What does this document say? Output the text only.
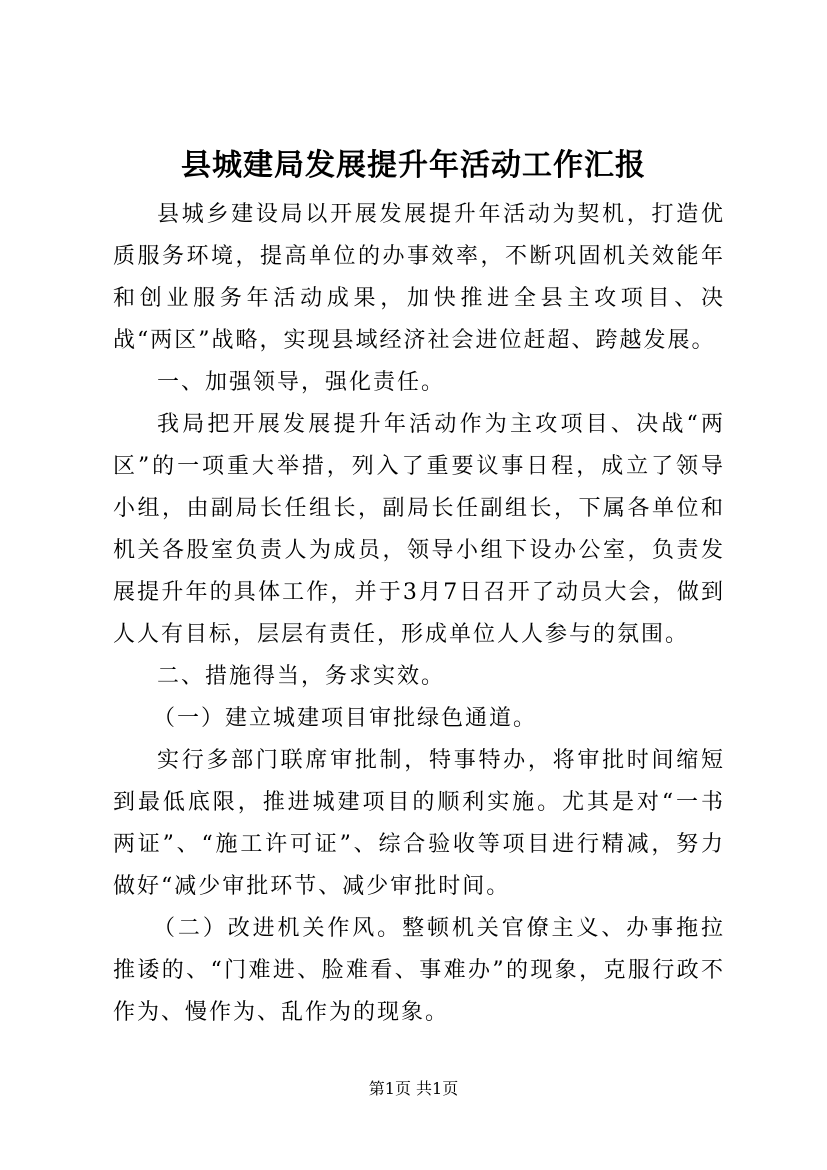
县城建局发展提升年活动工作汇报

县城乡建设局以开展发展提升年活动为契机，打造优质服务环境，提高单位的办事效率，不断巩固机关效能年和创业服务年活动成果，加快推进全县主攻项目、决战“两区”战略，实现县域经济社会进位赶超、跨越发展。

一、加强领导，强化责任。

我局把开展发展提升年活动作为主攻项目、决战“两区”的一项重大举措，列入了重要议事日程，成立了领导小组，由副局长任组长，副局长任副组长，下属各单位和机关各股室负责人为成员，领导小组下设办公室，负责发展提升年的具体工作，并于3月7日召开了动员大会，做到人人有目标，层层有责任，形成单位人人参与的氛围。

二、措施得当，务求实效。

（一）建立城建项目审批绿色通道。

实行多部门联席审批制，特事特办，将审批时间缩短到最低底限，推进城建项目的顺利实施。尤其是对“一书两证”、“施工许可证”、综合验收等项目进行精减，努力做好“减少审批环节、减少审批时间。

（二）改进机关作风。整顿机关官僚主义、办事拖拉推诿的、“门难进、脸难看、事难办”的现象，克服行政不作为、慢作为、乱作为的现象。

第1页 共1页
